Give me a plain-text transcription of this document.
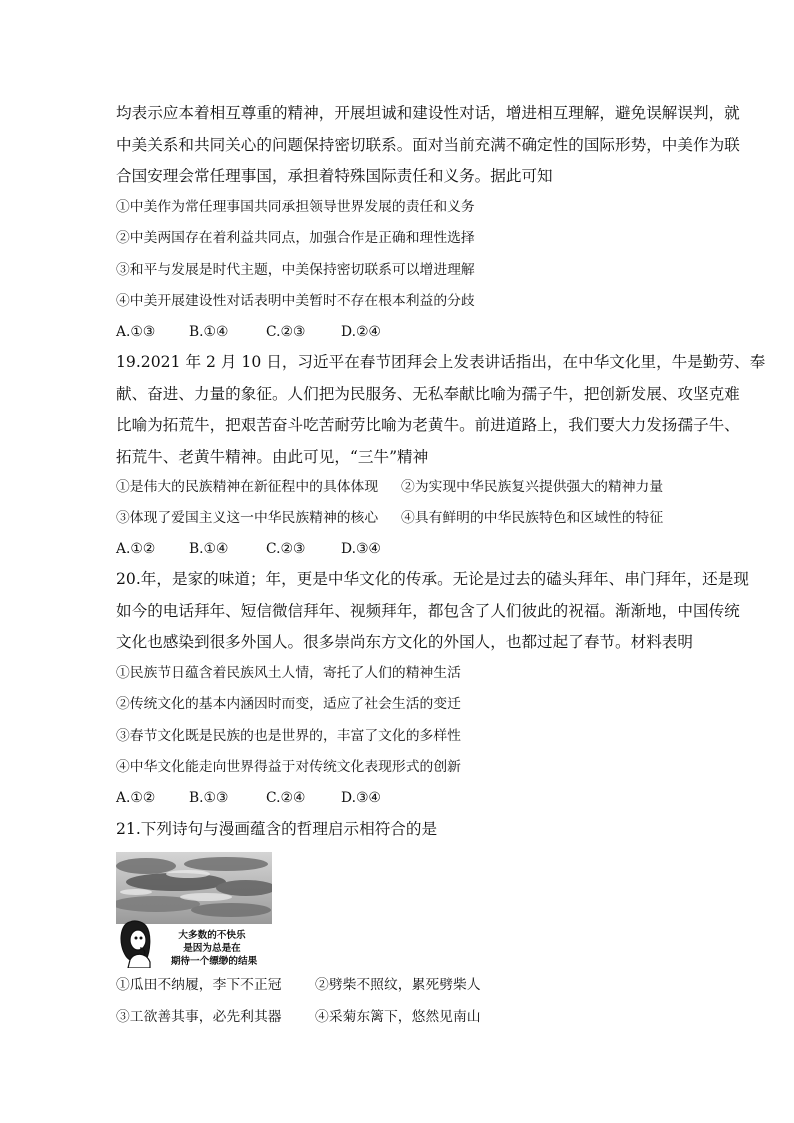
均表示应本着相互尊重的精神，开展坦诚和建设性对话，增进相互理解，避免误解误判，就
中美关系和共同关心的问题保持密切联系。面对当前充满不确定性的国际形势，中美作为联
合国安理会常任理事国，承担着特殊国际责任和义务。据此可知
①中美作为常任理事国共同承担领导世界发展的责任和义务
②中美两国存在着利益共同点，加强合作是正确和理性选择
③和平与发展是时代主题，中美保持密切联系可以增进理解
④中美开展建设性对话表明中美暂时不存在根本利益的分歧
A.①③ B.①④	C.②③	D.②④
19.2021 年 2 月 10 日，习近平在春节团拜会上发表讲话指出，在中华文化里，牛是勤劳、奉
献、奋进、力量的象征。人们把为民服务、无私奉献比喻为孺子牛，把创新发展、攻坚克难
比喻为拓荒牛，把艰苦奋斗吃苦耐劳比喻为老黄牛。前进道路上，我们要大力发扬孺子牛、
拓荒牛、老黄牛精神。由此可见，“三牛”精神
①是伟大的民族精神在新征程中的具体体现 ②为实现中华民族复兴提供强大的精神力量
③体现了爱国主义这一中华民族精神的核心 ④具有鲜明的中华民族特色和区域性的特征
A.①② B.①④	C.②③	D.③④
20.年，是家的味道；年，更是中华文化的传承。无论是过去的磕头拜年、串门拜年，还是现
如今的电话拜年、短信微信拜年、视频拜年，都包含了人们彼此的祝福。渐渐地，中国传统
文化也感染到很多外国人。很多崇尚东方文化的外国人，也都过起了春节。材料表明
①民族节日蕴含着民族风土人情，寄托了人们的精神生活
②传统文化的基本内涵因时而变，适应了社会生活的变迁
③春节文化既是民族的也是世界的，丰富了文化的多样性
④中华文化能走向世界得益于对传统文化表现形式的创新
A.①② B.①③	C.②④	D.③④
21.下列诗句与漫画蕴含的哲理启示相符合的是
大多数的不快乐
是因为总是在
期待一个缥缈的结果
①瓜田不纳履，李下不正冠 ②劈柴不照纹，累死劈柴人
③工欲善其事，必先利其器 ④采菊东篱下，悠然见南山
